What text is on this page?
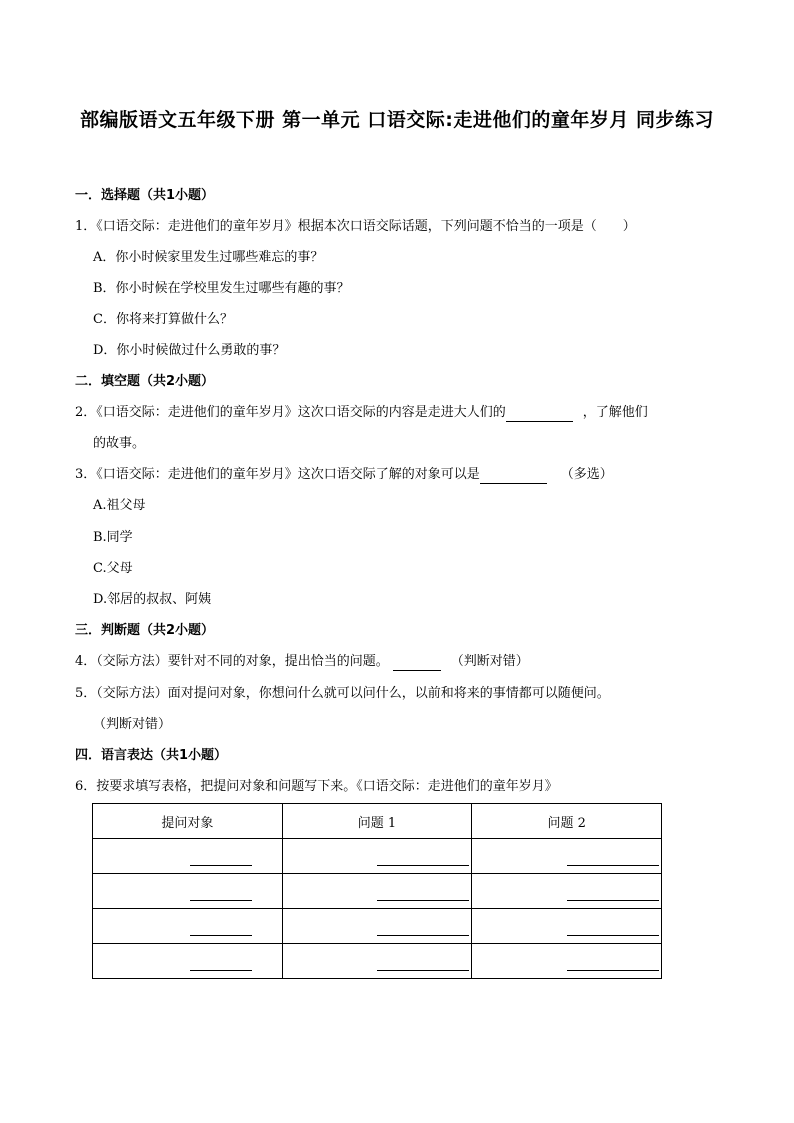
部编版语文五年级下册 第一单元 口语交际:走进他们的童年岁月 同步练习
一．选择题（共1小题）
1．《口语交际：走进他们的童年岁月》根据本次口语交际话题，下列问题不恰当的一项是（　　）
A．你小时候家里发生过哪些难忘的事？
B．你小时候在学校里发生过哪些有趣的事？
C．你将来打算做什么？
D．你小时候做过什么勇敢的事？
二．填空题（共2小题）
2．《口语交际：走进他们的童年岁月》这次口语交际的内容是走进大人们的	，了解他们
的故事。
3．《口语交际：走进他们的童年岁月》这次口语交际了解的对象可以是	（多选）
A.祖父母
B.同学
C.父母
D.邻居的叔叔、阿姨
三．判断题（共2小题）
4．（交际方法）要针对不同的对象，提出恰当的问题。	（判断对错）
5．（交际方法）面对提问对象，你想问什么就可以问什么，以前和将来的事情都可以随便问。
（判断对错）
四．语言表达（共1小题）
6．按要求填写表格，把提问对象和问题写下来。《口语交际：走进他们的童年岁月》
提问对象	问题 1	问题 2
